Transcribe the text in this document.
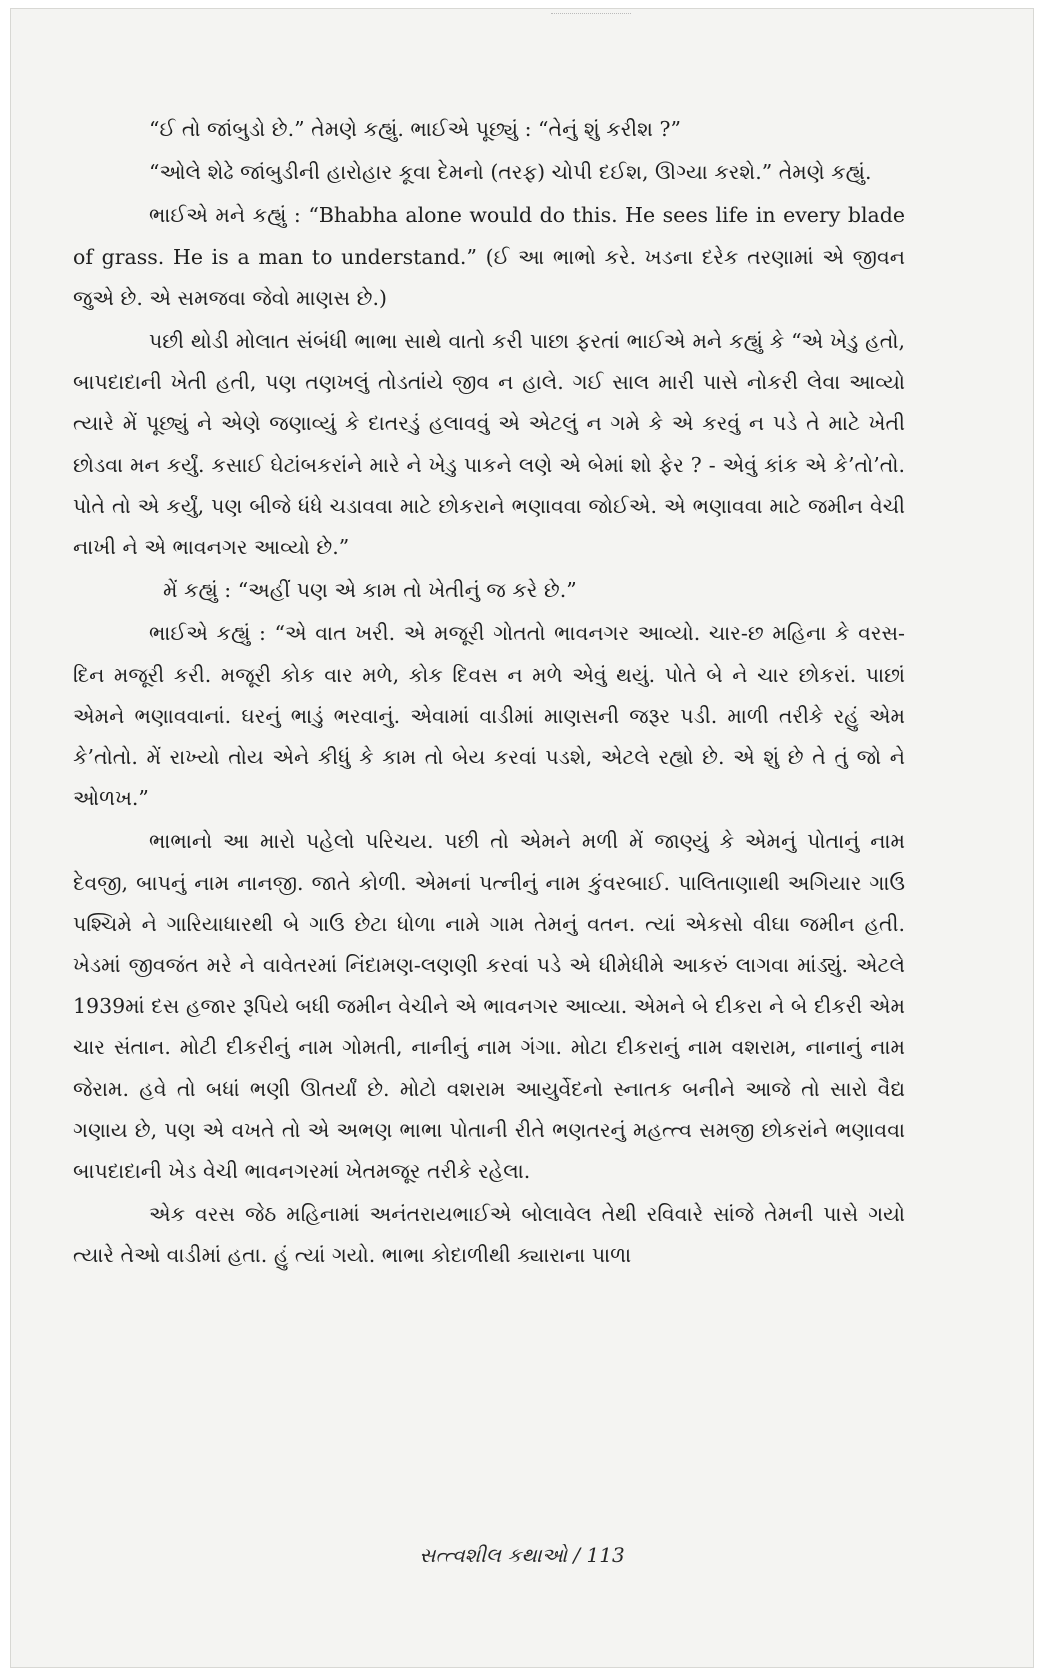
“ઈ તો જાંબુડો છે.” તેમણે કહ્યું. ભાઈએ પૂછ્યું : “તેનું શું કરીશ ?”

“ઓલે શેઢે જાંબુડીની હારોહાર કૂવા દેમનો (તરફ) ચોપી દઈશ, ઊગ્યા કરશે.” તેમણે કહ્યું.

ભાઈએ મને કહ્યું : “Bhabha alone would do this. He sees life in every blade of grass. He is a man to understand.” (ઈ આ ભાભો કરે. ખડના દરેક તરણામાં એ જીવન જુએ છે. એ સમજવા જેવો માણસ છે.)

પછી થોડી મોલાત સંબંધી ભાભા સાથે વાતો કરી પાછા ફરતાં ભાઈએ મને કહ્યું કે “એ ખેડુ હતો, બાપદાદાની ખેતી હતી, પણ તણખલું તોડતાંયે જીવ ન હાલે. ગઈ સાલ મારી પાસે નોકરી લેવા આવ્યો ત્યારે મેં પૂછ્યું ને એણે જણાવ્યું કે દાતરડું હલાવવું એ એટલું ન ગમે કે એ કરવું ન પડે તે માટે ખેતી છોડવા મન કર્યું. કસાઈ ઘેટાંબકરાંને મારે ને ખેડુ પાકને લણે એ બેમાં શો ફેર ? - એવું કાંક એ કે’તો’તો. પોતે તો એ કર્યું, પણ બીજે ધંધે ચડાવવા માટે છોકરાને ભણાવવા જોઈએ. એ ભણાવવા માટે જમીન વેચી નાખી ને એ ભાવનગર આવ્યો છે.”

મેં કહ્યું : “અહીં પણ એ કામ તો ખેતીનું જ કરે છે.”

ભાઈએ કહ્યું : “એ વાત ખરી. એ મજૂરી ગોતતો ભાવનગર આવ્યો. ચાર-છ મહિના કે વરસ-દિન મજૂરી કરી. મજૂરી કોક વાર મળે, કોક દિવસ ન મળે એવું થયું. પોતે બે ને ચાર છોકરાં. પાછાં એમને ભણાવવાનાં. ઘરનું ભાડું ભરવાનું. એવામાં વાડીમાં માણસની જરૂર પડી. માળી તરીકે રહું એમ કે’તોતો. મેં રાખ્યો તોય એને કીધું કે કામ તો બેય કરવાં પડશે, એટલે રહ્યો છે. એ શું છે તે તું જો ને ઓળખ.”

ભાભાનો આ મારો પહેલો પરિચય. પછી તો એમને મળી મેં જાણ્યું કે એમનું પોતાનું નામ દેવજી, બાપનું નામ નાનજી. જાતે કોળી. એમનાં પત્નીનું નામ કુંવરબાઈ. પાલિતાણાથી અગિયાર ગાઉ પશ્ચિમે ને ગારિયાધારથી બે ગાઉ છેટા ધોળા નામે ગામ તેમનું વતન. ત્યાં એકસો વીઘા જમીન હતી. ખેડમાં જીવજંત મરે ને વાવેતરમાં નિંદામણ-લણણી કરવાં પડે એ ધીમેધીમે આકરું લાગવા માંડ્યું. એટલે 1939માં દસ હજાર રૂપિયે બધી જમીન વેચીને એ ભાવનગર આવ્યા. એમને બે દીકરા ને બે દીકરી એમ ચાર સંતાન. મોટી દીકરીનું નામ ગોમતી, નાનીનું નામ ગંગા. મોટા દીકરાનું નામ વશરામ, નાનાનું નામ જેરામ. હવે તો બધાં ભણી ઊતર્યાં છે. મોટો વશરામ આયુર્વેદનો સ્નાતક બનીને આજે તો સારો વૈદ્ય ગણાય છે, પણ એ વખતે તો એ અભણ ભાભા પોતાની રીતે ભણતરનું મહત્ત્વ સમજી છોકરાંને ભણાવવા બાપદાદાની ખેડ વેચી ભાવનગરમાં ખેતમજૂર તરીકે રહેલા.

એક વરસ જેઠ મહિનામાં અનંતરાયભાઈએ બોલાવેલ તેથી રવિવારે સાંજે તેમની પાસે ગયો ત્યારે તેઓ વાડીમાં હતા. હું ત્યાં ગયો. ભાભા કોદાળીથી ક્યારાના પાળા

સત્ત્વશીલ કથાઓ / 113
